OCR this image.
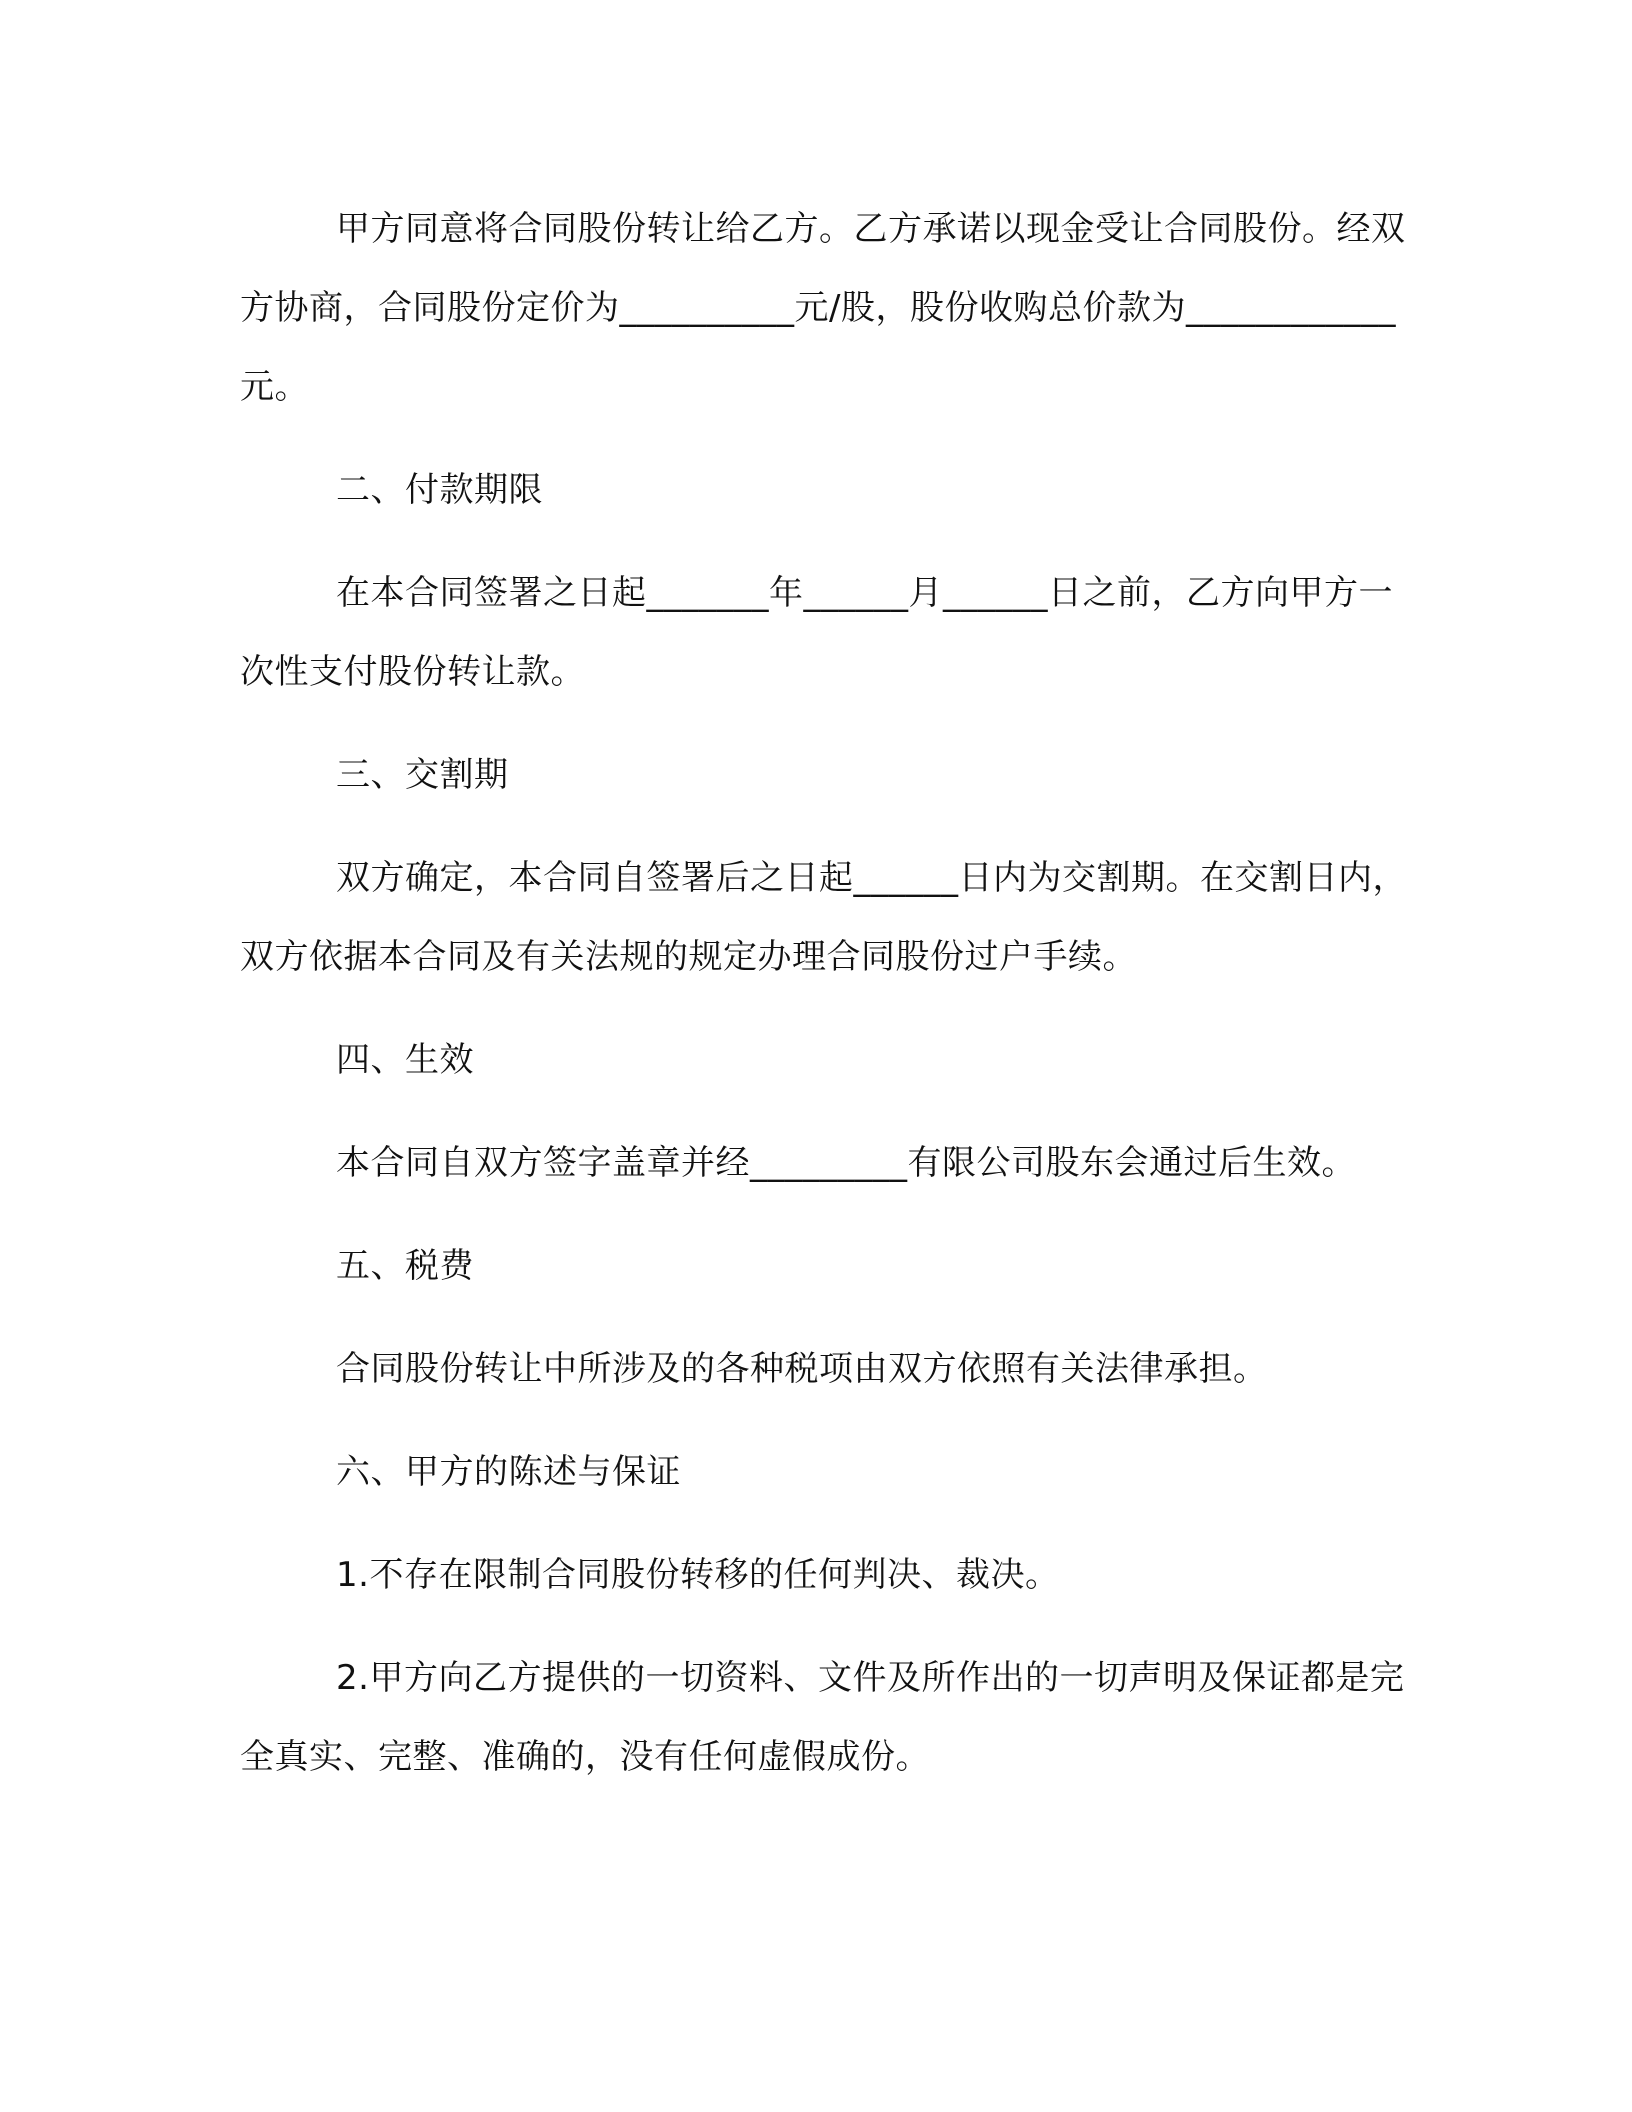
甲方同意将合同股份转让给乙方。乙方承诺以现金受让合同股份。经双方协商，合同股份定价为__________元/股，股份收购总价款为____________元。

二、付款期限

在本合同签署之日起_______年______月______日之前，乙方向甲方一次性支付股份转让款。

三、交割期

双方确定，本合同自签署后之日起______日内为交割期。在交割日内，双方依据本合同及有关法规的规定办理合同股份过户手续。

四、生效

本合同自双方签字盖章并经_________有限公司股东会通过后生效。

五、税费

合同股份转让中所涉及的各种税项由双方依照有关法律承担。

六、甲方的陈述与保证

1.不存在限制合同股份转移的任何判决、裁决。

2.甲方向乙方提供的一切资料、文件及所作出的一切声明及保证都是完全真实、完整、准确的，没有任何虚假成份。
